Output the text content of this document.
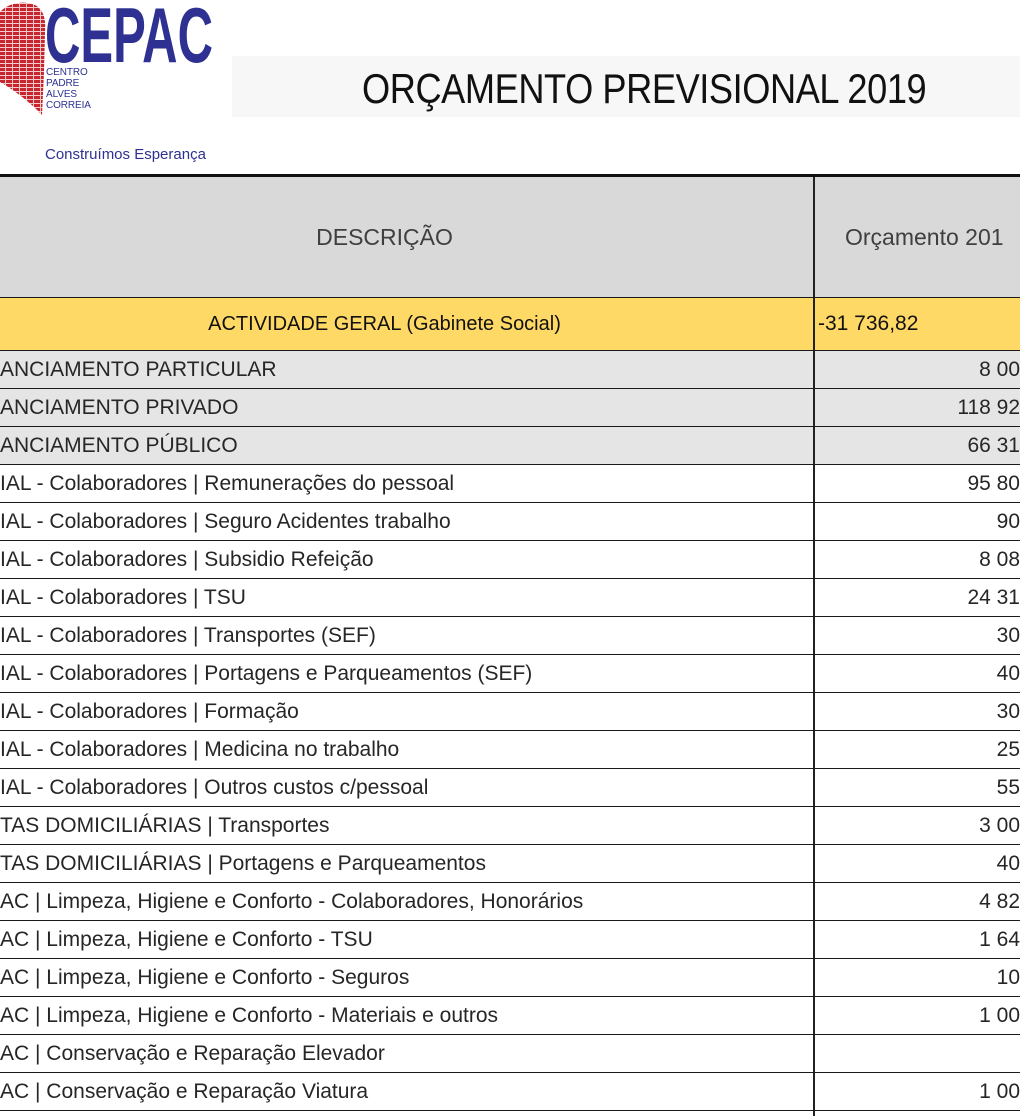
CEPAC
CENTRO
PADRE
ALVES
CORREIA
Construímos Esperança
ORÇAMENTO PREVISIONAL 2019
DESCRIÇÃO	Orçamento 201
ACTIVIDADE GERAL (Gabinete Social)	-31 736,82
ANCIAMENTO PARTICULAR	8 00
ANCIAMENTO PRIVADO	118 92
ANCIAMENTO PÚBLICO	66 31
IAL - Colaboradores | Remunerações do pessoal	95 80
IAL - Colaboradores | Seguro Acidentes trabalho	90
IAL - Colaboradores | Subsidio Refeição	8 08
IAL - Colaboradores | TSU	24 31
IAL - Colaboradores | Transportes (SEF)	30
IAL - Colaboradores | Portagens e Parqueamentos (SEF)	40
IAL - Colaboradores | Formação	30
IAL - Colaboradores | Medicina no trabalho	25
IAL - Colaboradores | Outros custos c/pessoal	55
TAS DOMICILIÁRIAS | Transportes	3 00
TAS DOMICILIÁRIAS | Portagens e Parqueamentos	40
AC | Limpeza, Higiene e Conforto - Colaboradores, Honorários	4 82
AC | Limpeza, Higiene e Conforto - TSU	1 64
AC | Limpeza, Higiene e Conforto - Seguros	10
AC | Limpeza, Higiene e Conforto - Materiais e outros	1 00
AC | Conservação e Reparação Elevador
AC | Conservação e Reparação Viatura	1 00
